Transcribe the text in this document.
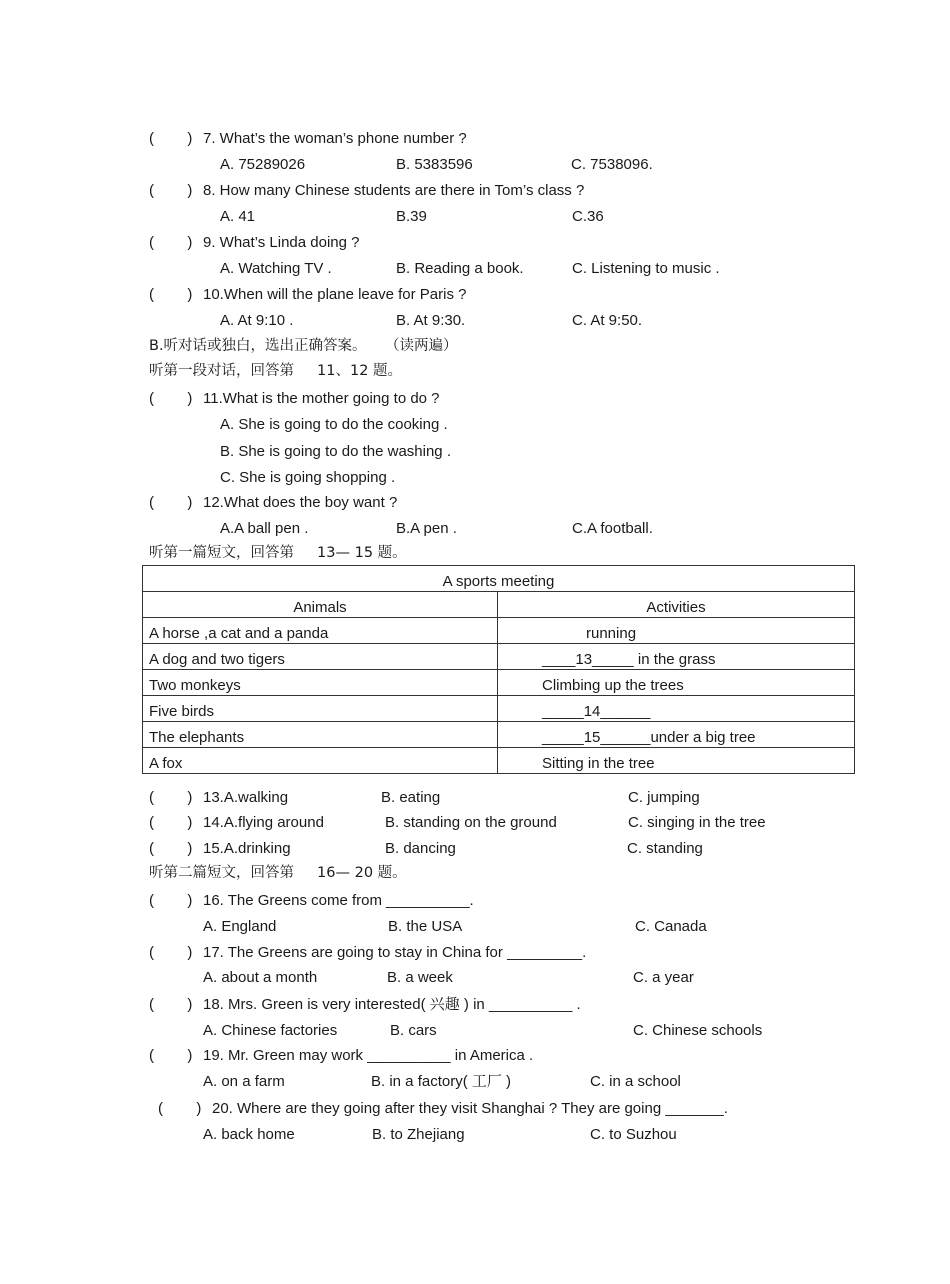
(        ) 7. What’s the woman’s phone number ?
A. 75289026	B. 5383596	C. 7538096.
(        ) 8. How many Chinese students are there in Tom’s class ?
A. 41	B.39	C.36
(        ) 9. What’s Linda doing ?
A. Watching TV .	B. Reading a book.	C. Listening to music .
(        ) 10.When will the plane leave for Paris ?
A. At 9:10 .	B. At 9:30.	C. At 9:50.
B.听对话或独白，选出正确答案。    （读两遍）
听第一段对话，回答第     11、12 题。
(        ) 11.What is the mother going to do ?
A. She is going to do the cooking .
B. She is going to do the washing .
C. She is going shopping .
(        ) 12.What does the boy want ?
A.A ball pen .	B.A pen .	C.A football.
听第一篇短文，回答第     13— 15 题。
A sports meeting	
Animals	Activities
A horse ,a cat and a panda	running
A dog and two tigers	____13_____ in the grass
Two monkeys	Climbing up the trees
Five birds	_____14______
The elephants	_____15______under a big tree
A fox	Sitting in the tree
(        ) 13.A.walking	B. eating	C. jumping
(        ) 14.A.flying around	B. standing on the ground	C. singing in the tree
(        ) 15.A.drinking	B. dancing	C. standing
听第二篇短文，回答第     16— 20 题。
(        ) 16. The Greens come from __________.
A. England	B. the USA	C. Canada
(        ) 17. The Greens are going to stay in China for _________.
A. about a month	B. a week	C. a year
(        ) 18. Mrs. Green is very interested( 兴趣 ) in __________ .
A. Chinese factories	B. cars	C. Chinese schools
(        ) 19. Mr. Green may work __________ in America .
A. on a farm	B. in a factory( 工厂 )	C. in a school
(        ) 20. Where are they going after they visit Shanghai ? They are going _______.
A. back home	B. to Zhejiang	C. to Suzhou
